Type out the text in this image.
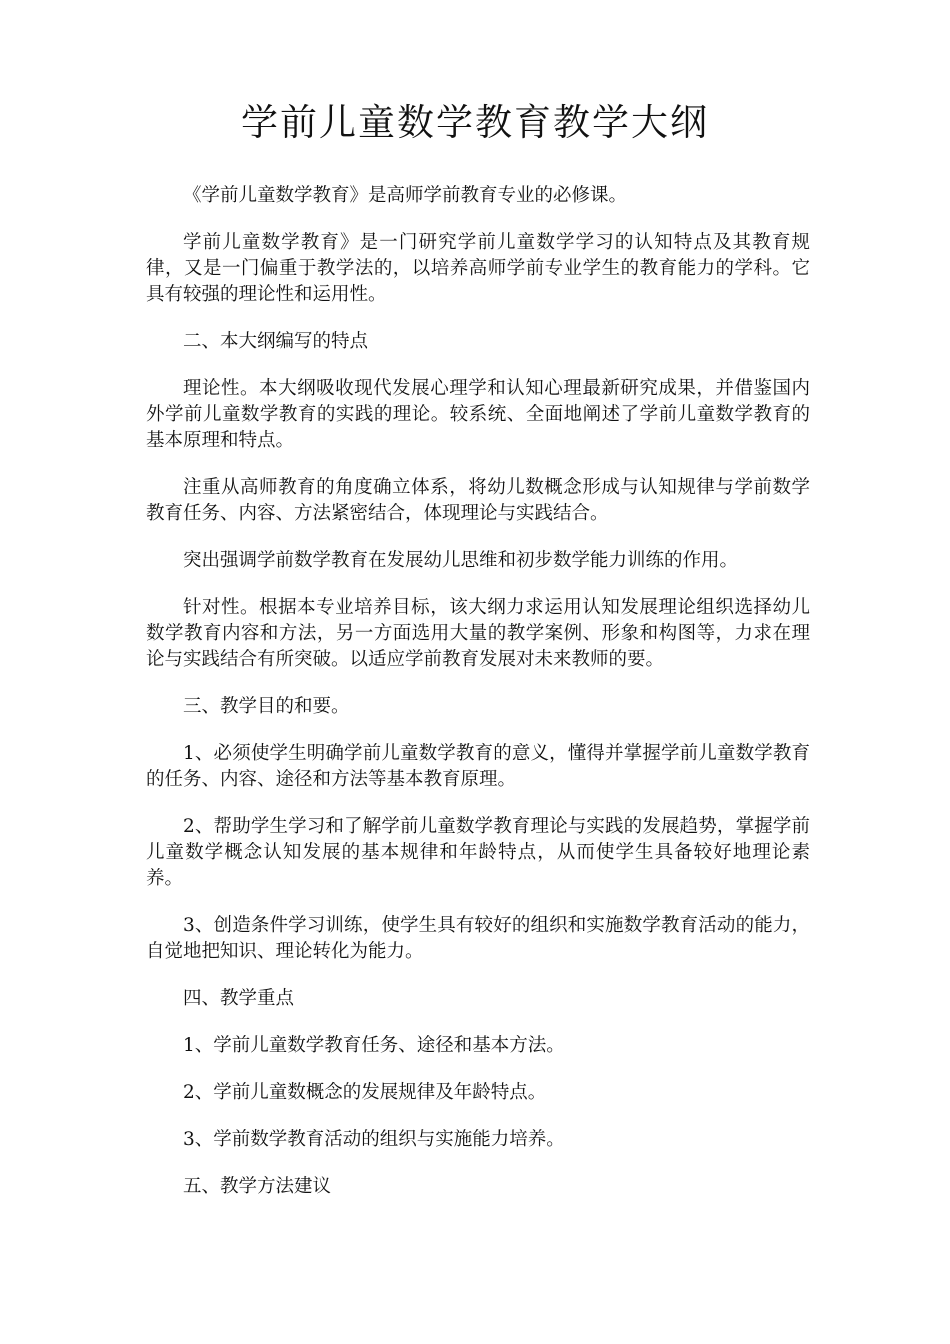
学前儿童数学教育教学大纲

《学前儿童数学教育》是高师学前教育专业的必修课。

学前儿童数学教育》是一门研究学前儿童数学学习的认知特点及其教育规律，又是一门偏重于教学法的，以培养高师学前专业学生的教育能力的学科。它具有较强的理论性和运用性。

二、本大纲编写的特点

理论性。本大纲吸收现代发展心理学和认知心理最新研究成果，并借鉴国内外学前儿童数学教育的实践的理论。较系统、全面地阐述了学前儿童数学教育的基本原理和特点。

注重从高师教育的角度确立体系，将幼儿数概念形成与认知规律与学前数学教育任务、内容、方法紧密结合，体现理论与实践结合。

突出强调学前数学教育在发展幼儿思维和初步数学能力训练的作用。

针对性。根据本专业培养目标，该大纲力求运用认知发展理论组织选择幼儿数学教育内容和方法，另一方面选用大量的教学案例、形象和构图等，力求在理论与实践结合有所突破。以适应学前教育发展对未来教师的要。

三、教学目的和要。

1、必须使学生明确学前儿童数学教育的意义，懂得并掌握学前儿童数学教育的任务、内容、途径和方法等基本教育原理。

2、帮助学生学习和了解学前儿童数学教育理论与实践的发展趋势，掌握学前儿童数学概念认知发展的基本规律和年龄特点，从而使学生具备较好地理论素养。

3、创造条件学习训练，使学生具有较好的组织和实施数学教育活动的能力，自觉地把知识、理论转化为能力。

四、教学重点

1、学前儿童数学教育任务、途径和基本方法。

2、学前儿童数概念的发展规律及年龄特点。

3、学前数学教育活动的组织与实施能力培养。

五、教学方法建议
